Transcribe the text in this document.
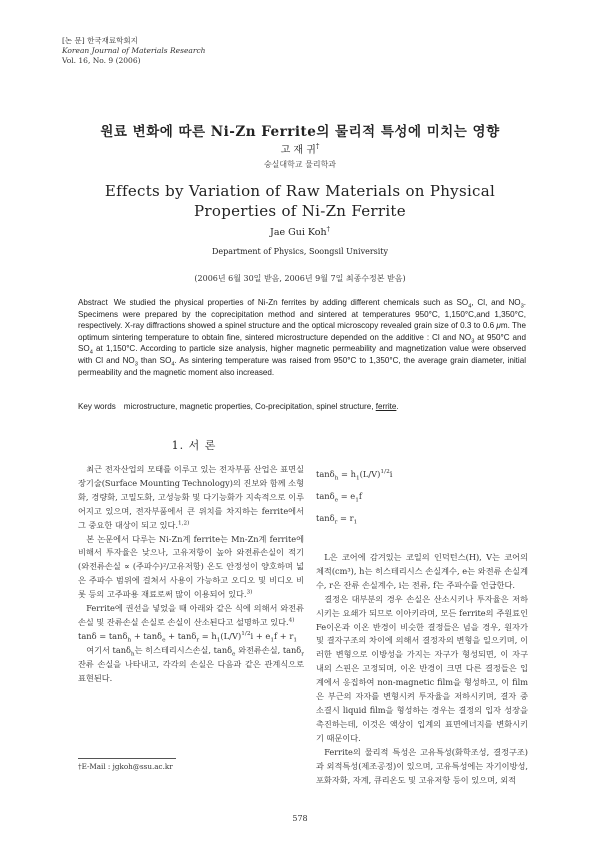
[논 문] 한국재료학회지
Korean Journal of Materials Research
Vol. 16, No. 9 (2006)
원료 변화에 따른 Ni-Zn Ferrite의 물리적 특성에 미치는 영향
고 재 귀†
숭실대학교 물리학과
Effects by Variation of Raw Materials on Physical
Properties of Ni-Zn Ferrite
Jae Gui Koh†
Department of Physics, Soongsil University
(2006년 6월 30일 받음, 2006년 9월 7일 최종수정본 받음)
Abstract We studied the physical properties of Ni-Zn ferrites by adding different chemicals such as $SO_4$, Cl, and $NO_3$. Specimens were prepared by the coprecipitation method and sintered at temperatures 950°C, 1,150°C,and 1,350°C, respectively. X-ray diffractions showed a spinel structure and the optical microscopy revealed grain size of 0.3 to 0.6 μm. The optimum sintering temperature to obtain fine, sintered microstructure depended on the additive : Cl and $NO_3$ at 950°C and $SO_4$ at 1,150°C. According to particle size analysis, higher magnetic permeability and magnetization value were observed with Cl and $NO_3$ than $SO_4$. As sintering temperature was raised from 950°C to 1,350°C, the average grain diameter, initial permeability and the magnetic moment also increased.
Key words microstructure, magnetic properties, Co-precipitation, spinel structure, ferrite.
1. 서 론

최근 전자산업의 모태를 이루고 있는 전자부품 산업은 표면실장기술(Surface Mounting Technology)의 진보와 함께 소형화, 경량화, 고밀도화, 고성능화 및 다기능화가 지속적으로 이루어지고 있으며, 전자부품에서 큰 위치를 차지하는 ferrite에서 그 중요한 대상이 되고 있다.$^{1,2)}$

본 논문에서 다루는 Ni-Zn계 ferrite는 Mn-Zn계 ferrite에 비해서 투자율은 낮으나, 고유저항이 높아 와전류손실이 적기(와전류손실 ∝ (주파수)²/고유저항) 온도 안정성이 양호하며 넓은 주파수 범위에 걸쳐서 사용이 가능하고 오디오 및 비디오 비롯 등의 고주파용 재료로써 많이 이용되어 있다.$^{3)}$

Ferrite에 권선을 넣었을 때 아래와 같은 식에 의해서 와전류손실 및 잔류손실 손실로 손실이 산소된다고 설명하고 있다.$^{4)}$

$\tan\delta = \tan\delta_h + \tan\delta_e + \tan\delta_r = h_1(L/V)^{1/2}i + e_1f + r_1$

여기서 tanδ$_h$는 히스테리시스손실, tanδ$_e$ 와전류손실, tanδ$_r$ 잔류 손실을 나타내고, 각각의 손실은 다음과 같은 관계식으로 표현된다.

$\tan\delta_h = h_1(L/V)^{1/2}i$
$\tan\delta_e = e_1f$
$\tan\delta_r = r_1$

L은 코어에 감겨있는 코일의 인덕턴스(H), V는 코어의 체적(cm³), h는 히스테리시스 손실계수, e는 와전류 손실계수, r은 잔류 손실계수, i는 전류, f는 주파수를 언급한다.

결정은 대부분의 경우 손실은 산소시키나 투자율은 저하시키는 요쇄가 되므로 이아키라며, 모든 ferrite의 주원료인 Fe이온과 이온 반경이 비슷한 결정들은 넘을 경우, 원자가 및 결자구조의 차이에 의해서 결정자의 변형을 일으키며, 이러한 변형으로 이방성을 가지는 자구가 형성되면, 이 자구 내의 스핀은 고정되며, 이온 반경이 크면 다른 결정들은 입계에서 응집하여 non-magnetic film을 형성하고, 이 film은 부근의 자자를 변형시켜 투자율을 저하시키며, 결자 중 소결시 liquid film을 형성하는 경우는 결정의 입자 성장을 촉진하는데, 이것은 액상이 입계의 표면에너지를 변화시키기 때문이다.

Ferrite의 물리적 특성은 고유특성(화학조성, 결정구조)과 외적특성(제조공정)이 있으며, 고유특성에는 자기이방성, 포화자화, 자계, 큐리온도 및 고유저항 등이 있으며, 외적

†E-Mail : jgkoh@ssu.ac.kr
578
